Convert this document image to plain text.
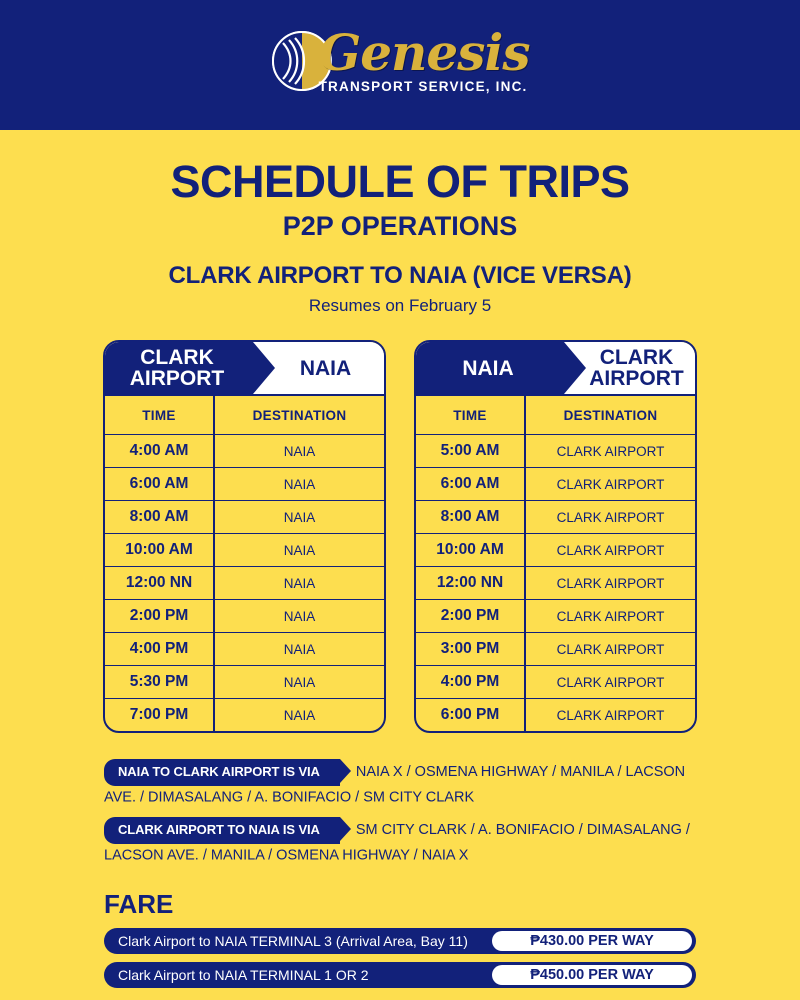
Genesis
TRANSPORT SERVICE, INC.
SCHEDULE OF TRIPS
P2P OPERATIONS
CLARK AIRPORT TO NAIA (VICE VERSA)
Resumes on February 5
CLARK AIRPORT	NAIA
TIME	DESTINATION
4:00 AM	NAIA
6:00 AM	NAIA
8:00 AM	NAIA
10:00 AM	NAIA
12:00 NN	NAIA
2:00 PM	NAIA
4:00 PM	NAIA
5:30 PM	NAIA
7:00 PM	NAIA
NAIA	CLARK AIRPORT
TIME	DESTINATION
5:00 AM	CLARK AIRPORT
6:00 AM	CLARK AIRPORT
8:00 AM	CLARK AIRPORT
10:00 AM	CLARK AIRPORT
12:00 NN	CLARK AIRPORT
2:00 PM	CLARK AIRPORT
3:00 PM	CLARK AIRPORT
4:00 PM	CLARK AIRPORT
6:00 PM	CLARK AIRPORT
NAIA TO CLARK AIRPORT IS VIA NAIA X / OSMENA HIGHWAY / MANILA / LACSON AVE. / DIMASALANG / A. BONIFACIO / SM CITY CLARK
CLARK AIRPORT TO NAIA IS VIA SM CITY CLARK / A. BONIFACIO / DIMASALANG / LACSON AVE. / MANILA / OSMENA HIGHWAY / NAIA X
FARE
Clark Airport to NAIA TERMINAL 3 (Arrival Area, Bay 11)	₱430.00 PER WAY
Clark Airport to NAIA TERMINAL 1 OR 2	₱450.00 PER WAY
